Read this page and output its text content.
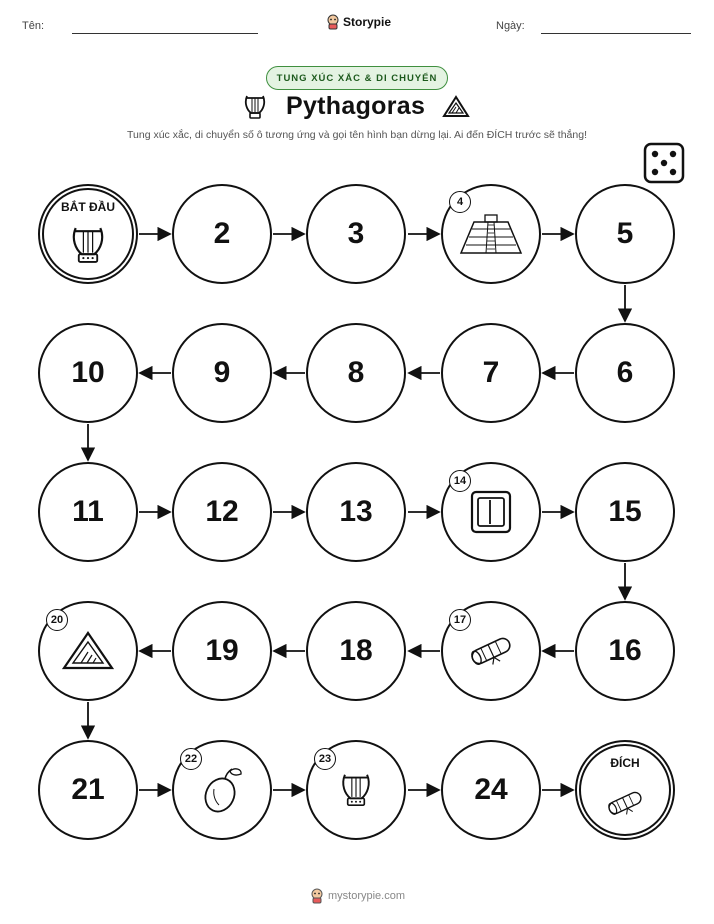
Tên:	Storypie	Ngày:
TUNG XÚC XẮC & DI CHUYỂN
Pythagoras
Tung xúc xắc, di chuyển số ô tương ứng và gọi tên hình bạn dừng lại. Ai đến ĐÍCH trước sẽ thắng!
BẮT ĐẦU
2	3	5
10	9	8	7	6
11	12	13	15
19	18	16
21	24
ĐÍCH
4
14
17
20
22	23
mystorypie.com
